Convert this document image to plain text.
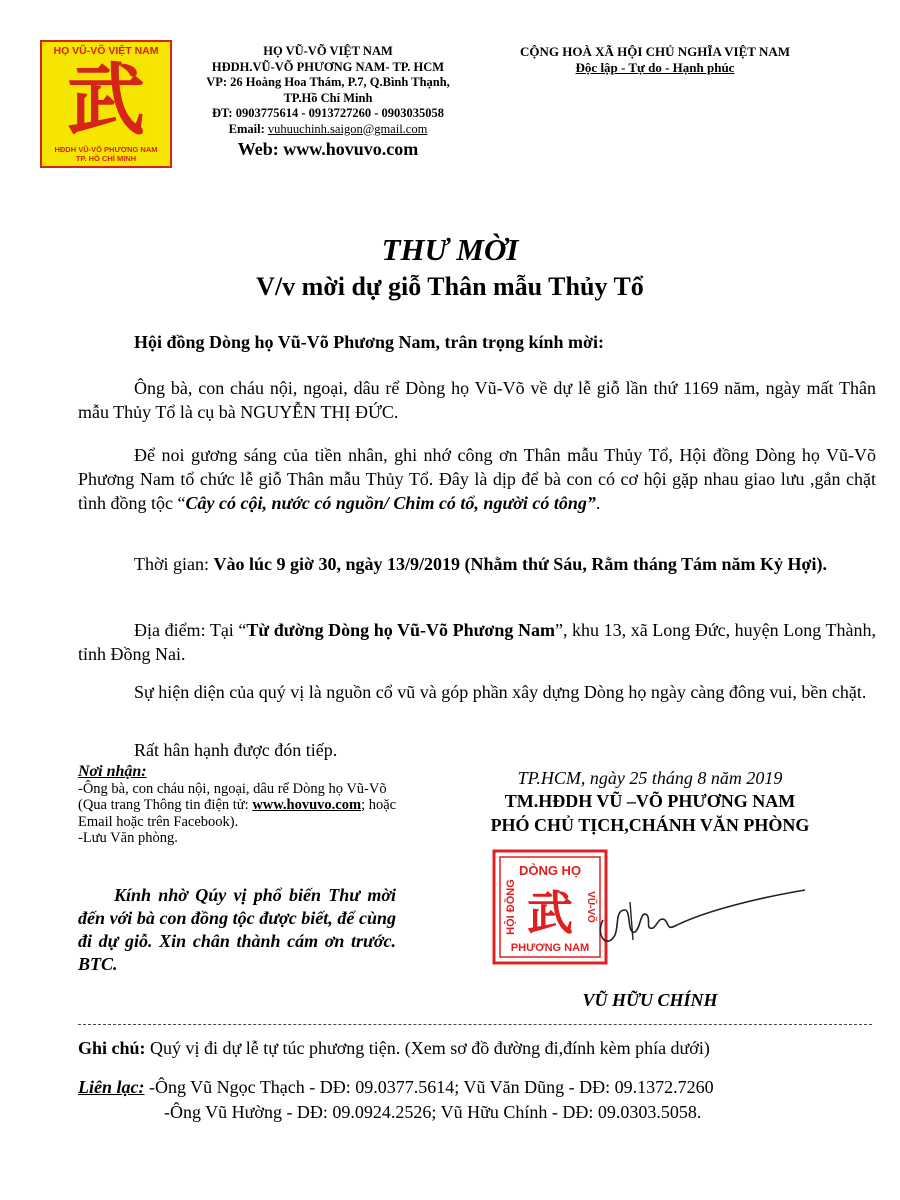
HỌ VŨ-VÕ VIỆT NAM
武
HĐDH VŨ-VÕ PHƯƠNG NAM
TP. HỒ CHÍ MINH
HỌ VŨ-VÕ VIỆT NAM
HĐDH.VŨ-VÕ PHƯƠNG NAM- TP. HCM
VP: 26 Hoàng Hoa Thám, P.7, Q.Bình Thạnh,
TP.Hồ Chí Minh
ĐT: 0903775614 - 0913727260 - 0903035058
Email: vuhuuchinh.saigon@gmail.com
Web: www.hovuvo.com
CỘNG HOÀ XÃ HỘI CHỦ NGHĨA VIỆT NAM
Độc lập - Tự do - Hạnh phúc
THƯ MỜI
V/v mời dự giỗ Thân mẫu Thủy Tổ
Hội đồng Dòng họ Vũ-Võ Phương Nam, trân trọng kính mời:
Ông bà, con cháu nội, ngoại, dâu rể Dòng họ Vũ-Võ về dự lễ giỗ lần thứ 1169 năm, ngày mất Thân mẫu Thủy Tổ là cụ bà NGUYỄN THỊ ĐỨC.
Để noi gương sáng của tiền nhân, ghi nhớ công ơn Thân mẫu Thủy Tổ, Hội đồng Dòng họ Vũ-Võ Phương Nam tổ chức lễ giỗ Thân mẫu Thủy Tổ. Đây là dịp để bà con có cơ hội gặp nhau giao lưu ,gắn chặt tình đồng tộc “Cây có cội, nước có nguồn/ Chim có tổ, người có tông”.
Thời gian: Vào lúc 9 giờ 30, ngày 13/9/2019 (Nhằm thứ Sáu, Rằm tháng Tám năm Kỷ Hợi).
Địa điểm: Tại “Từ đường Dòng họ Vũ-Võ Phương Nam”, khu 13, xã Long Đức, huyện Long Thành, tỉnh Đồng Nai.
Sự hiện diện của quý vị là nguồn cổ vũ và góp phần xây dựng Dòng họ ngày càng đông vui, bền chặt.
Rất hân hạnh được đón tiếp.
Nơi nhận:
-Ông bà, con cháu nội, ngoại, dâu rể Dòng họ Vũ-Võ (Qua trang Thông tin điện tử: www.hovuvo.com; hoặc Email hoặc trên Facebook).
-Lưu Văn phòng.
Kính nhờ Qúy vị phổ biến Thư mời đến với bà con đồng tộc được biết, để cùng đi dự giỗ. Xin chân thành cám ơn trước. BTC.
TP.HCM, ngày 25 tháng 8 năm 2019
TM.HĐDH VŨ –VÕ PHƯƠNG NAM
PHÓ CHỦ TỊCH,CHÁNH VĂN PHÒNG
DÒNG HỌ
PHƯƠNG NAM
HỘI ĐỒNG	VŨ-VÕ
武
VŨ HỮU CHÍNH
Ghi chú: Quý vị đi dự lễ tự túc phương tiện. (Xem sơ đồ đường đi,đính kèm phía dưới)
Liên lạc: -Ông Vũ Ngọc Thạch - DĐ: 09.0377.5614; Vũ Văn Dũng - DĐ: 09.1372.7260
-Ông Vũ Hường - DĐ: 09.0924.2526; Vũ Hữu Chính - DĐ: 09.0303.5058.
